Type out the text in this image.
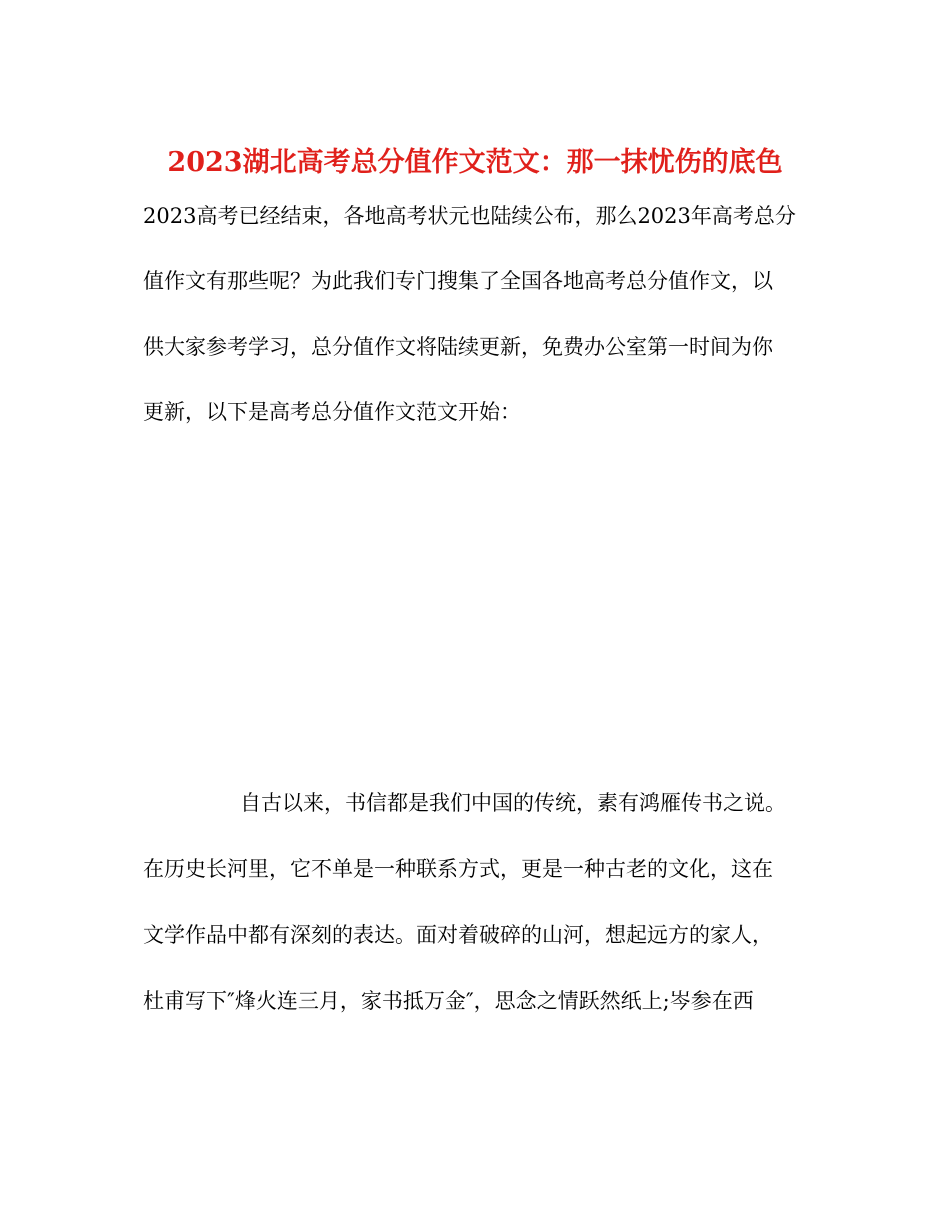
2023湖北高考总分值作文范文：那一抹忧伤的底色
2023高考已经结束，各地高考状元也陆续公布，那么2023年高考总分
值作文有那些呢？为此我们专门搜集了全国各地高考总分值作文，以
供大家参考学习，总分值作文将陆续更新，免费办公室第一时间为你
更新，以下是高考总分值作文范文开始：
自古以来，书信都是我们中国的传统，素有鸿雁传书之说。
在历史长河里，它不单是一种联系方式，更是一种古老的文化，这在
文学作品中都有深刻的表达。面对着破碎的山河，想起远方的家人，
杜甫写下″烽火连三月，家书抵万金″，思念之情跃然纸上;岑参在西
